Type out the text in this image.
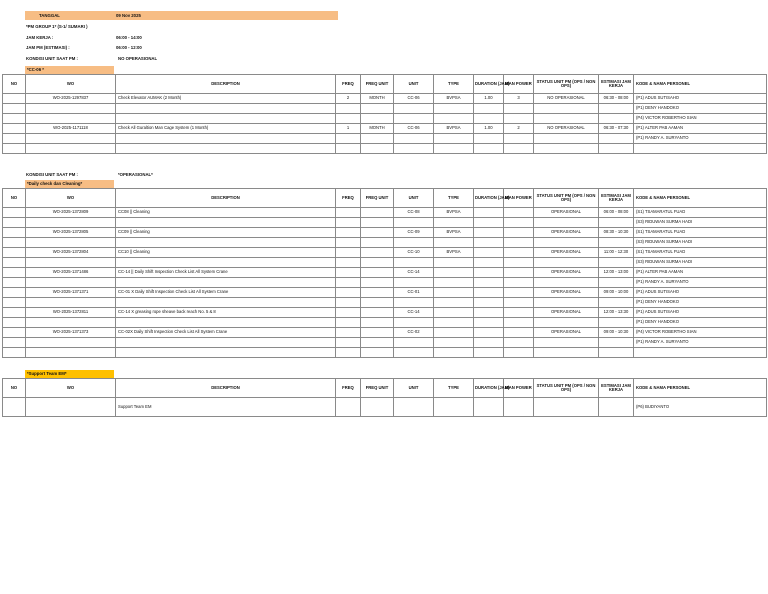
TANGGAL	09 Nov 2025
*PM GROUP 1* (S-1/ SUMARI )
JAM KERJA :	06:00 - 14:00
JAM PM (ESTIMASI) :	06:00 - 12:00
KONDISI UNIT SAAT PM :	NO OPERASIONAL
*CC-06 *
NO	WO	DESCRIPTION	FREQ	FREQ UNIT	UNIT	TYPE	DURATION (JAM)	MAN POWER	STATUS UNIT PM (OPS / NON OPS)	ESTIMASI JAM KERJA	KODE & NAMA PERSONEL
	WO-2025-1297837	Check Elevator AUMAK (2 Month)	2	MONTH	CC-06	BVPSA	1.00	3	NO OPERASIONAL	06:30 - 08:00	(P1) ADUS SUTISAHO
											(P1) DENY HANDOKO
											(P4) VICTOR ROBERTHO SIAN
	WO-2025-1171118	Check All Guraltion Man Cage System (1 Month)	1	MONTH	CC-06	BVPSA	1.00	2	NO OPERASIONAL	06:30 - 07:30	(P1) ALTER PAB AAMAN
											(P1) RANDY A. SURYANTO

KONDISI UNIT SAAT PM :	*OPERASIONAL*
*Daily check dan Cleaning*
NO	WO	DESCRIPTION	FREQ	FREQ UNIT	UNIT	TYPE	DURATION (JAM)	MAN POWER	STATUS UNIT PM (OPS / NON OPS)	ESTIMASI JAM KERJA	KODE & NAMA PERSONEL
	WO-2025-1372809	CC08 || Cleaning			CC-08	BVPSA			OPERASIONAL	06:00 - 08:00	(S1) TSAMARATUL FUAD
											(S3) RIDUWAN SURMA HADI
	WO-2025-1372805	CC09 || Cleaning			CC-09	BVPSA			OPERASIONAL	08:30 - 10:30	(S1) TSAMARATUL FUAD
											(S3) RIDUWAN SURMA HADI
	WO-2025-1372804	CC10 || Cleaning			CC-10	BVPSA			OPERASIONAL	11:00 - 12:30	(S1) TSAMARATUL FUAD
											(S3) RIDUWAN SURMA HADI
	WO-2025-1371486	CC-14 || Daily Shift Inspection Check List All System Crane			CC-14				OPERASIONAL	12:00 - 13:00	(P1) ALTER PAB AAMAN
											(P1) RANDY A. SURYANTO
	WO-2025-1371371	CC-01 X Daily Shift Inspection Check List All System Crane			CC-01				OPERASIONAL	09:00 - 10:00	(P1) ADUS SUTISAHO
											(P1) DENY HANDOKO
	WO-2025-1372811	CC-14 X greasing rope sheave back reach No. 5 & 8			CC-14				OPERASIONAL	12:00 - 13:30	(P1) ADUS SUTISAHO
											(P1) DENY HANDOKO
	WO-2025-1371373	CC-02X Daily Shift Inspection Check List All System Crane			CC-02				OPERASIONAL	09:00 - 10:30	(P4) VICTOR ROBERTHO SIAN
											(P1) RANDY A. SURYANTO

*Support Team EM*
NO	WO	DESCRIPTION	FREQ	FREQ UNIT	UNIT	TYPE	DURATION (JAM)	MAN POWER	STATUS UNIT PM (OPS / NON OPS)	ESTIMASI JAM KERJA	KODE & NAMA PERSONEL
		Support Team EM									(P6) BUDIYANTO
